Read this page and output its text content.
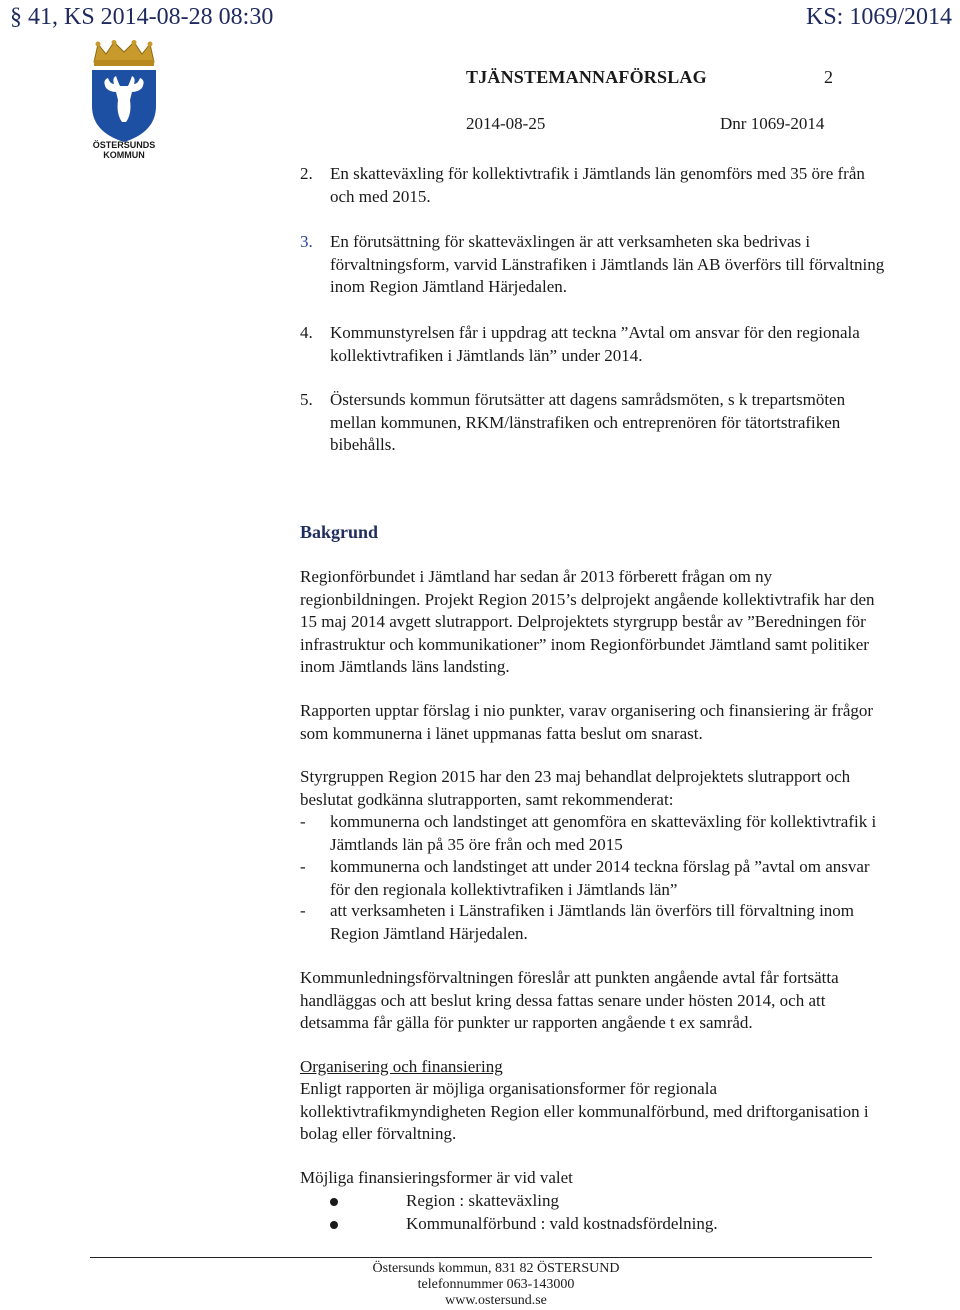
§ 41, KS 2014-08-28 08:30	KS: 1069/2014
ÖSTERSUNDS
KOMMUN
TJÄNSTEMANNAFÖRSLAG	2
2014-08-25	Dnr 1069-2014
2. En skatteväxling för kollektivtrafik i Jämtlands län genomförs med 35 öre från och med 2015.
3. En förutsättning för skatteväxlingen är att verksamheten ska bedrivas i förvaltningsform, varvid Länstrafiken i Jämtlands län AB överförs till förvaltning inom Region Jämtland Härjedalen.
4. Kommunstyrelsen får i uppdrag att teckna ”Avtal om ansvar för den regionala kollektivtrafiken i Jämtlands län” under 2014.
5. Östersunds kommun förutsätter att dagens samrådsmöten, s k trepartsmöten mellan kommunen, RKM/länstrafiken och entreprenören för tätortstrafiken bibehålls.
Bakgrund
Regionförbundet i Jämtland har sedan år 2013 förberett frågan om ny regionbildningen. Projekt Region 2015’s delprojekt angående kollektivtrafik har den 15 maj 2014 avgett slutrapport. Delprojektets styrgrupp består av ”Beredningen för infrastruktur och kommunikationer” inom Regionförbundet Jämtland samt politiker inom Jämtlands läns landsting.
Rapporten upptar förslag i nio punkter, varav organisering och finansiering är frågor som kommunerna i länet uppmanas fatta beslut om snarast.
Styrgruppen Region 2015 har den 23 maj behandlat delprojektets slutrapport och beslutat godkänna slutrapporten, samt rekommenderat:
- kommunerna och landstinget att genomföra en skatteväxling för kollektivtrafik i Jämtlands län på 35 öre från och med 2015
- kommunerna och landstinget att under 2014 teckna förslag på ”avtal om ansvar för den regionala kollektivtrafiken i Jämtlands län”
- att verksamheten i Länstrafiken i Jämtlands län överförs till förvaltning inom Region Jämtland Härjedalen.
Kommunledningsförvaltningen föreslår att punkten angående avtal får fortsätta handläggas och att beslut kring dessa fattas senare under hösten 2014, och att detsamma får gälla för punkter ur rapporten angående t ex samråd.
Organisering och finansiering
Enligt rapporten är möjliga organisationsformer för regionala kollektivtrafikmyndigheten Region eller kommunalförbund, med driftorganisation i bolag eller förvaltning.
Möjliga finansieringsformer är vid valet
Region : skatteväxling
Kommunalförbund : vald kostnadsfördelning.
Östersunds kommun, 831 82 ÖSTERSUND
telefonnummer 063-143000
www.ostersund.se
